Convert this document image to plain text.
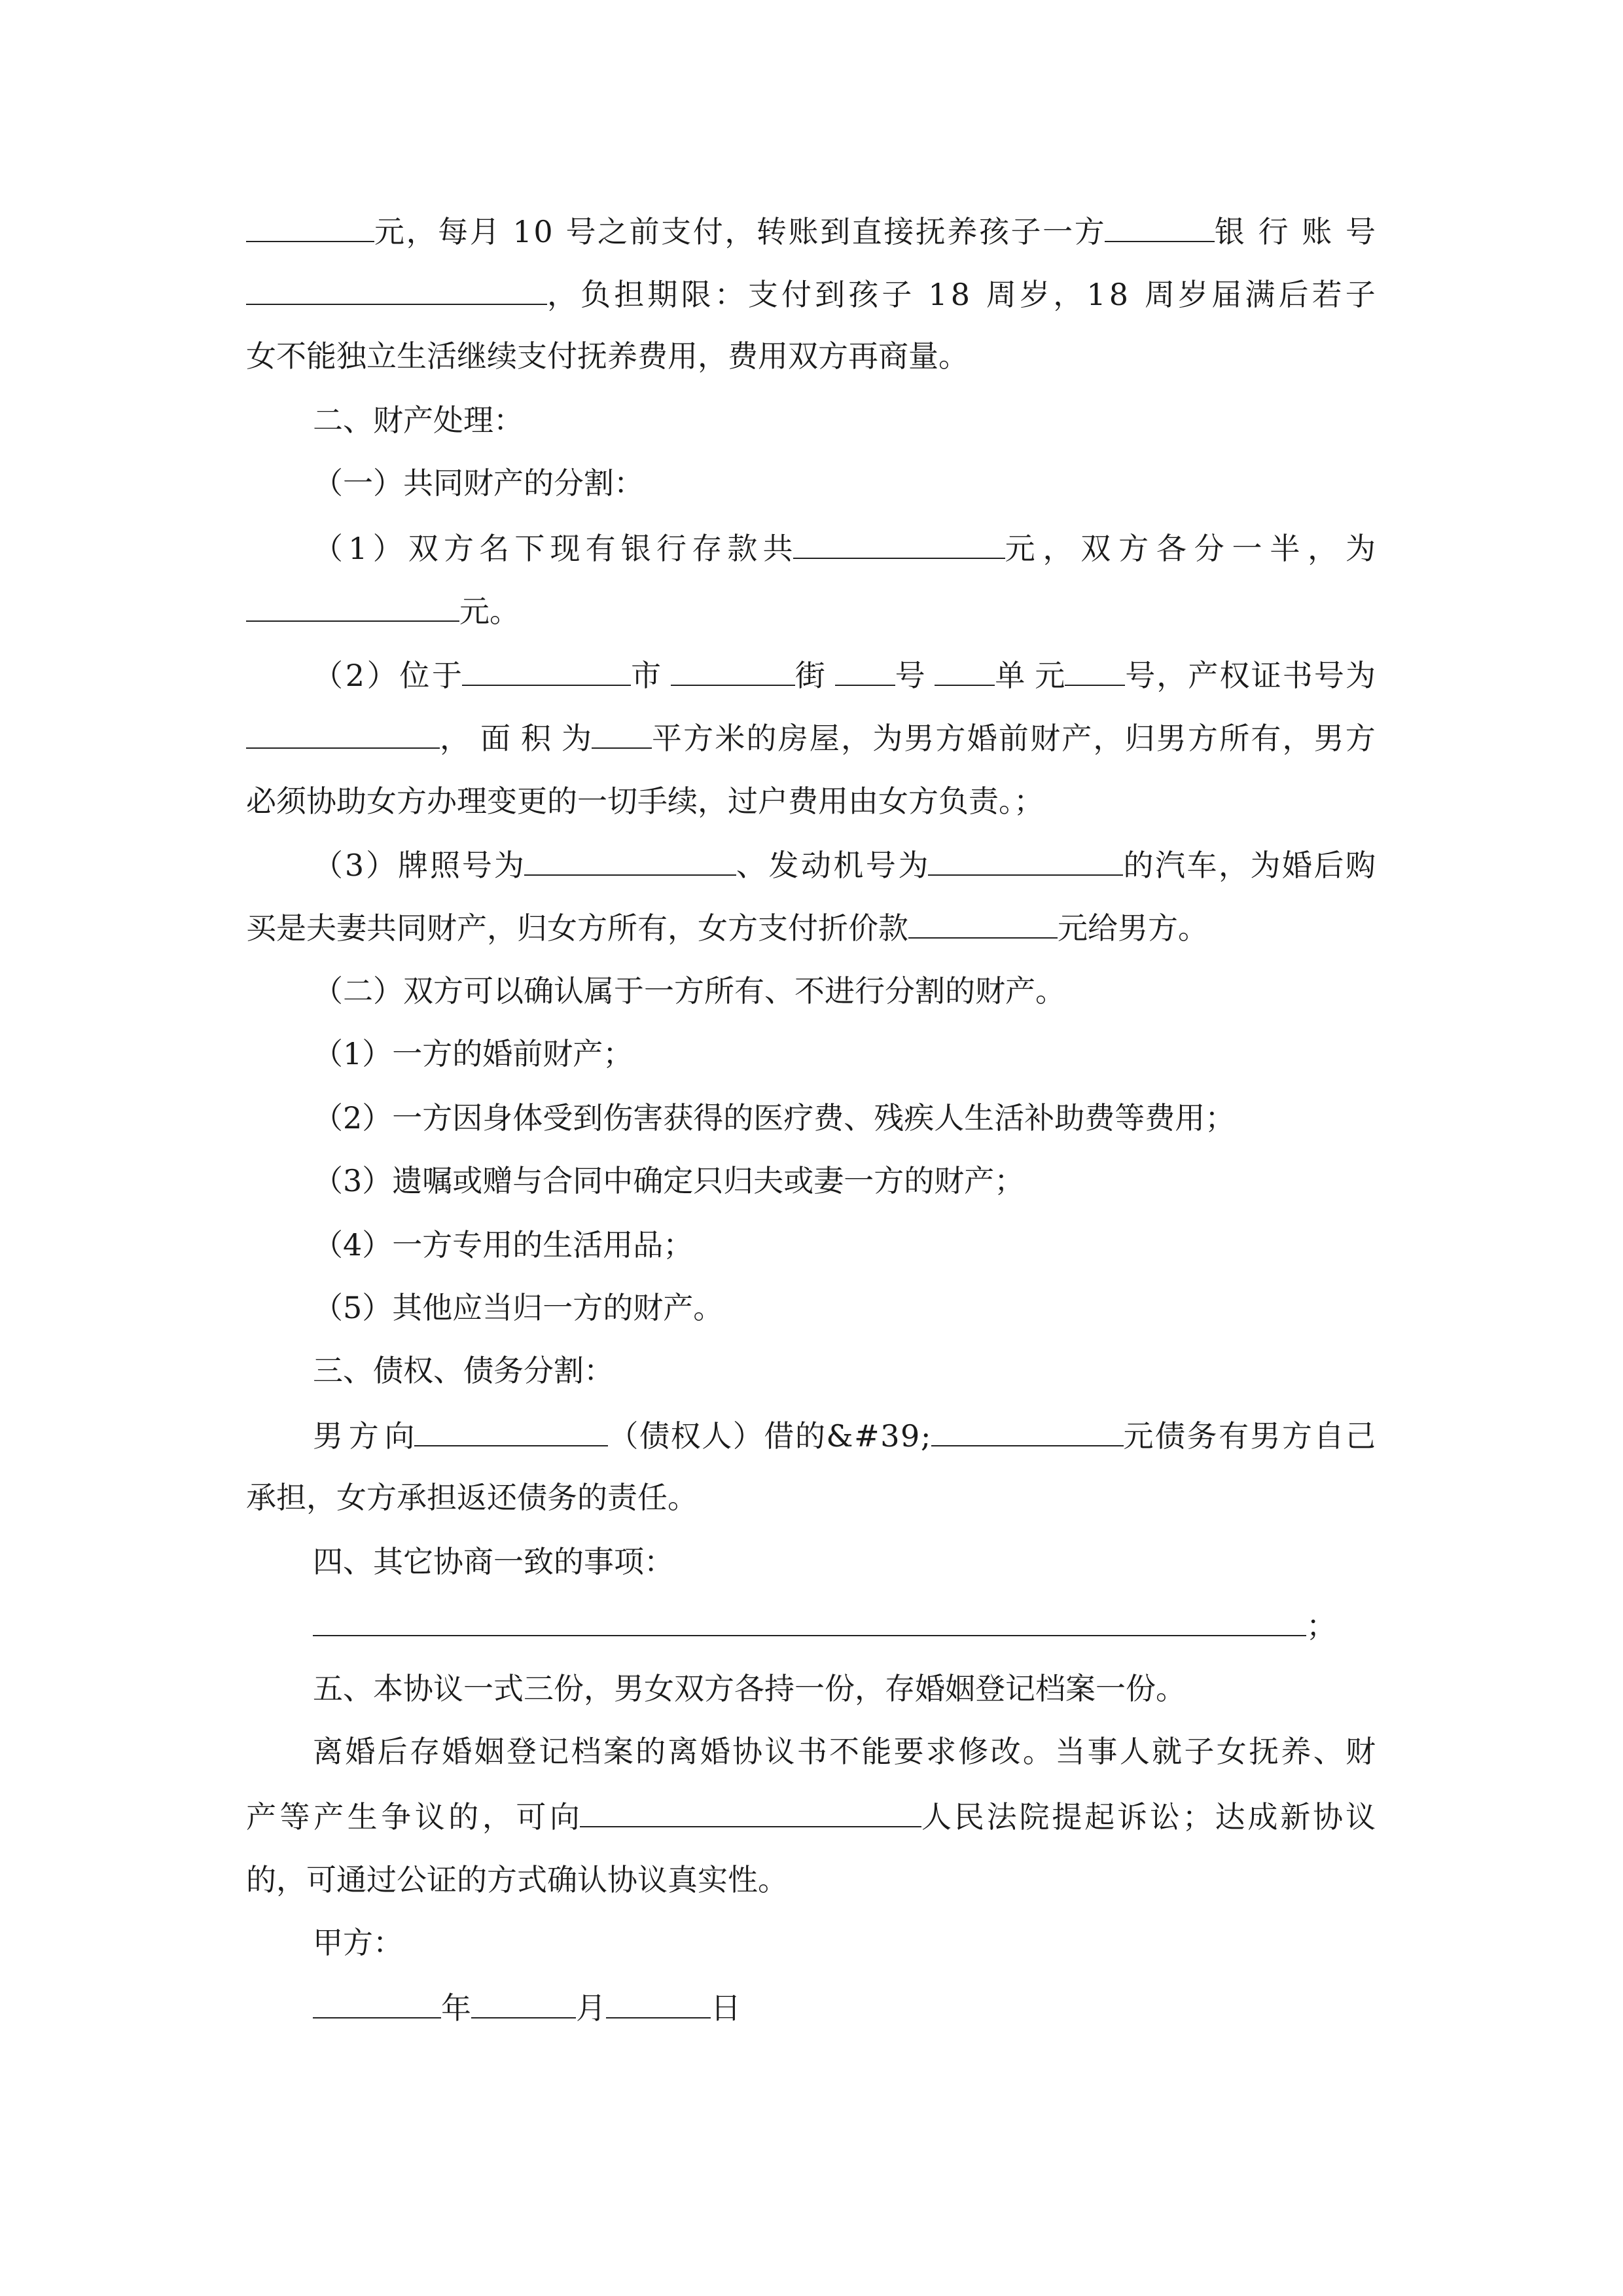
元 ， 每 月
1 0
号 之 前 支 付 ， 转 账 到 直 接 抚 养 孩 子 一 方	银 行 账 号
， 负 担 期 限 ： 支 付 到 孩 子
1 8
周 岁 ， 1 8
周 岁 届 满 后 若 子
女不能独立生活继续支付抚养费用，费用双方再商量。
二、财产处理：
（一）共同财产的分割：
（ 1 ） 双 方 名 下 现 有 银 行 存 款 共	元 ， 双 方 各 分 一 半 ， 为
元。
（ 2 ） 位 于	市	街 号 单 元 号 ， 产 权 证 书 号 为
， 面 积 为 平 方 米 的 房 屋 ， 为 男 方 婚 前 财 产 ， 归 男 方 所 有 ， 男 方
必须协助女方办理变更的一切手续，过户费用由女方负责。；
（ 3 ） 牌 照 号 为	、 发 动 机 号 为	的 汽 车 ， 为 婚 后 购
买是夫妻共同财产，归女方所有，女方支付折价款	元给男方。
（二）双方可以确认属于一方所有、不进行分割的财产。
（1）一方的婚前财产；
（2）一方因身体受到伤害获得的医疗费、残疾人生活补助费等费用；
（3）遗嘱或赠与合同中确定只归夫或妻一方的财产；
（4）一方专用的生活用品；
（5）其他应当归一方的财产。
三、债权、债务分割：
男 方 向	（ 债 权 人 ） 借 的 & # 3 9 ;	元 债 务 有 男 方 自 己
承担，女方承担返还债务的责任。
四、其它协商一致的事项：
；
五、本协议一式三份，男女双方各持一份，存婚姻登记档案一份。
离 婚 后 存 婚 姻 登 记 档 案 的 离 婚 协 议 书 不 能 要 求 修 改 。 当 事 人 就 子 女 抚 养 、 财
产 等 产 生 争 议 的 ， 可 向	人 民 法 院 提 起 诉 讼 ； 达 成 新 协 议
的，可通过公证的方式确认协议真实性。
甲方：
年	月	日
